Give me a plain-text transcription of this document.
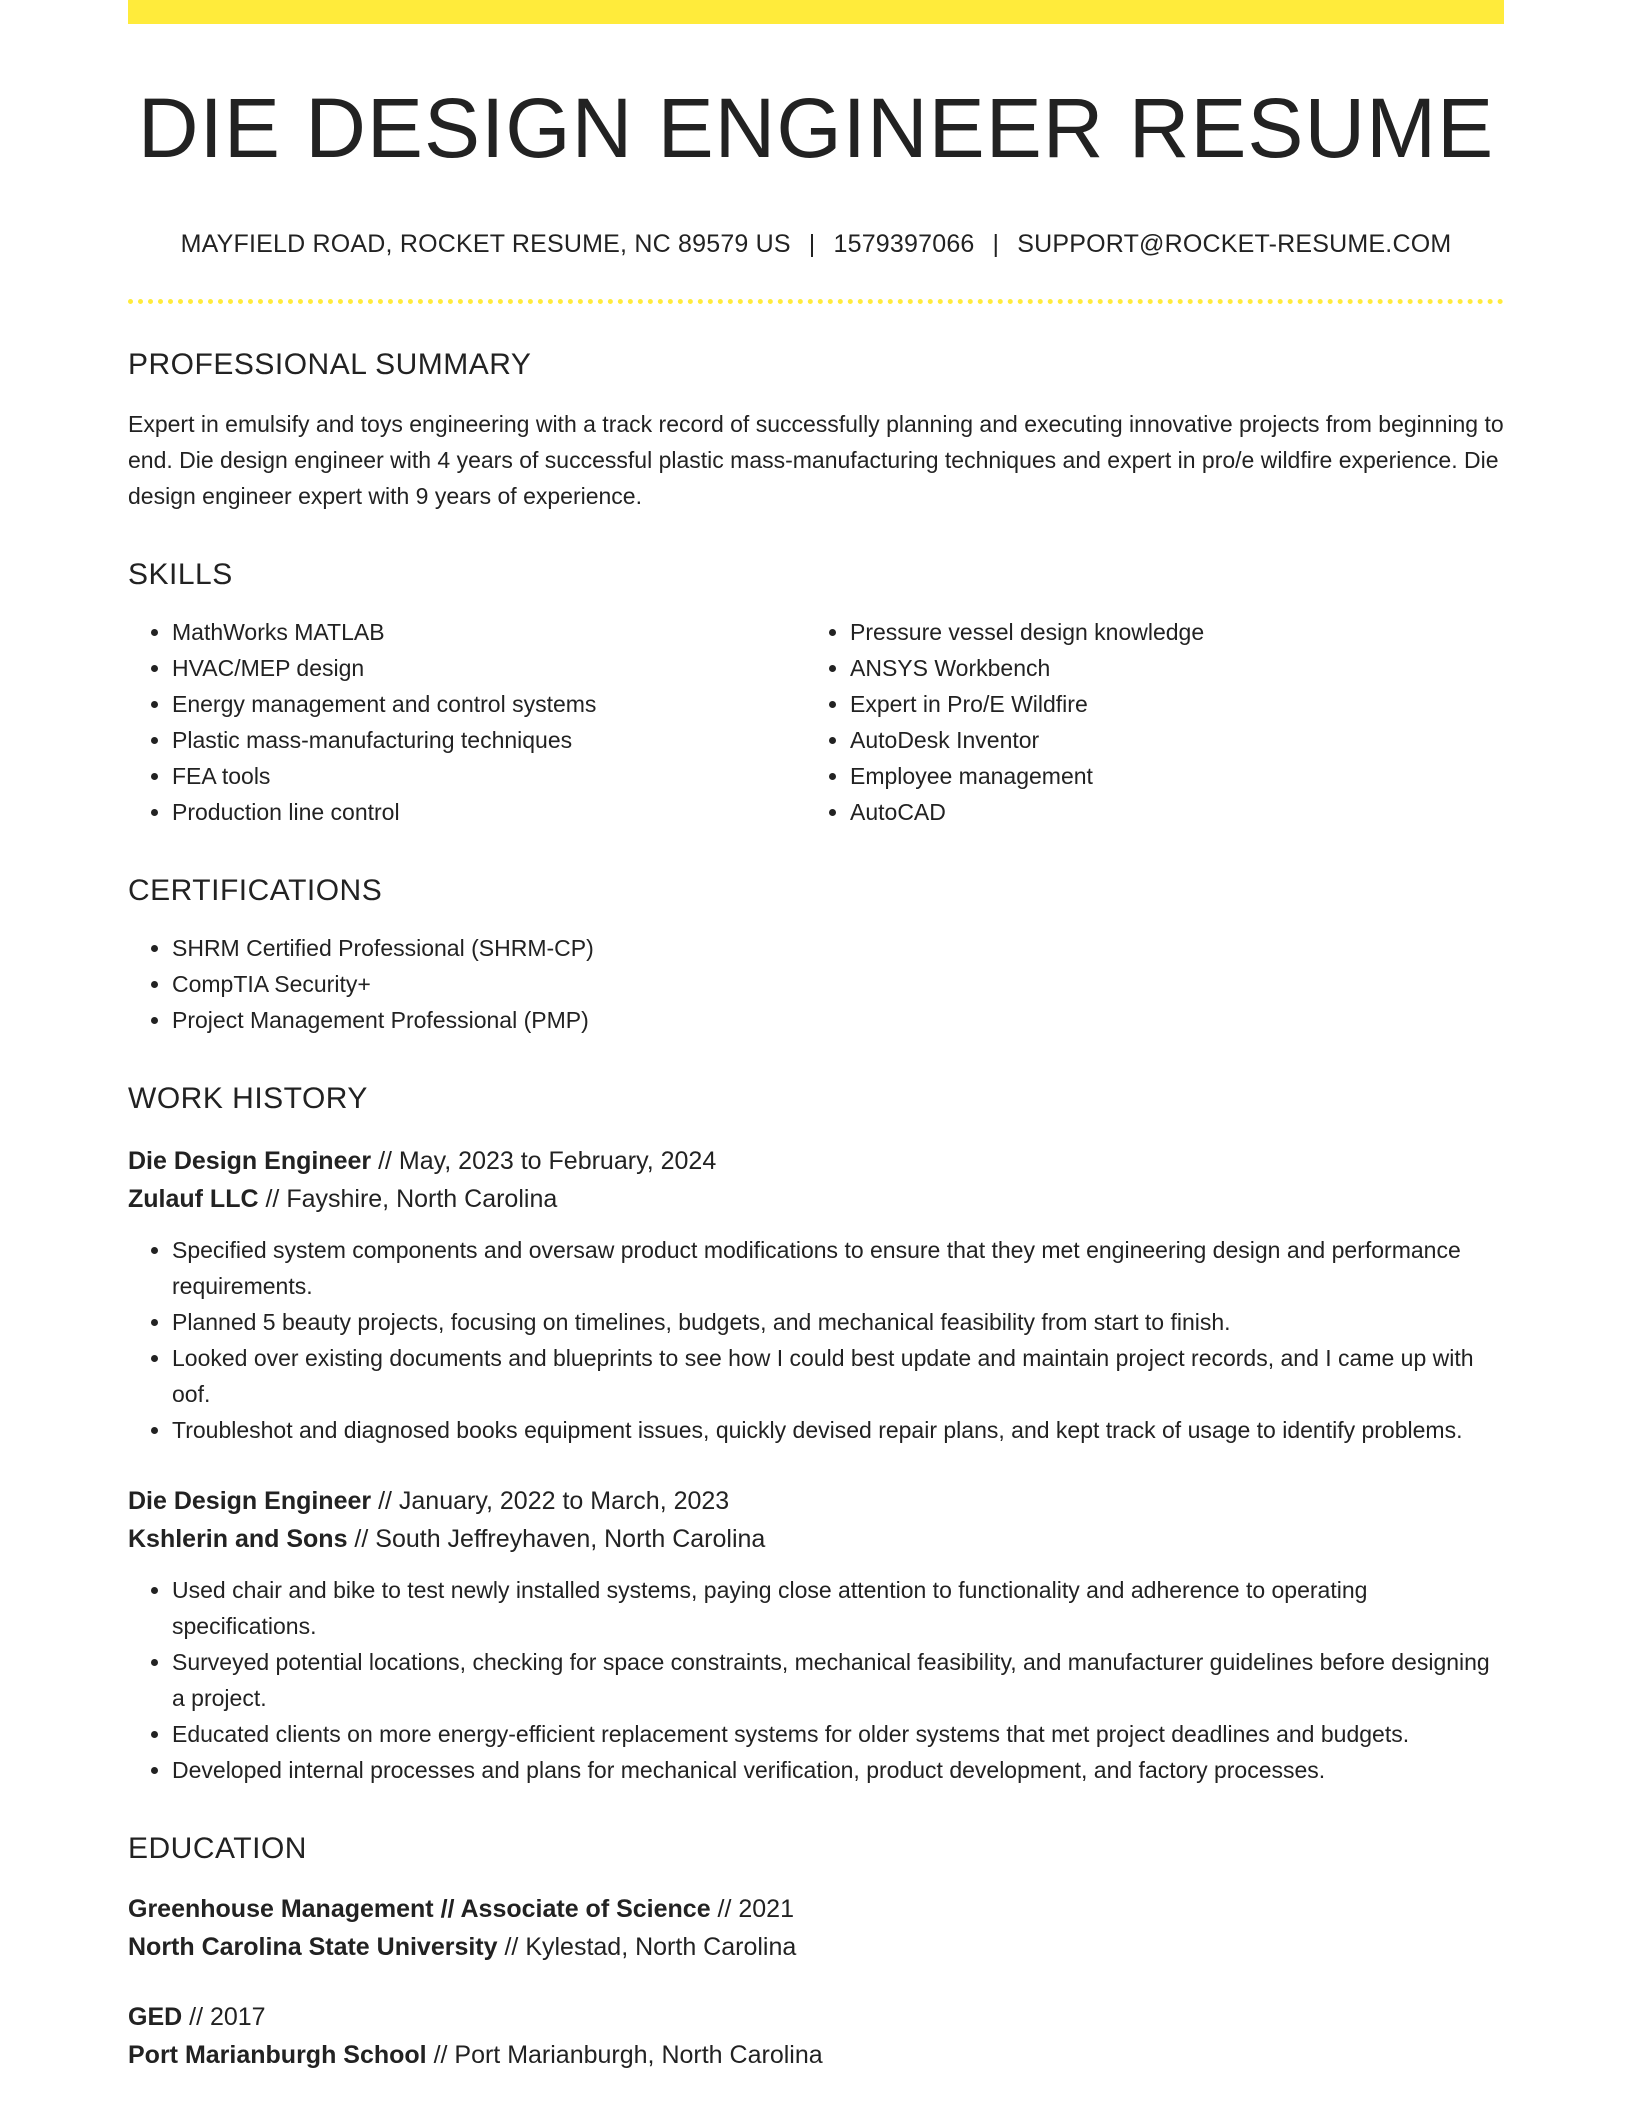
DIE DESIGN ENGINEER RESUME
MAYFIELD ROAD, ROCKET RESUME, NC 89579 US | 1579397066 | SUPPORT@ROCKET-RESUME.COM
PROFESSIONAL SUMMARY
Expert in emulsify and toys engineering with a track record of successfully planning and executing innovative projects from beginning to end. Die design engineer with 4 years of successful plastic mass-manufacturing techniques and expert in pro/e wildfire experience. Die design engineer expert with 9 years of experience.
SKILLS
• MathWorks MATLAB
• HVAC/MEP design
• Energy management and control systems
• Plastic mass-manufacturing techniques
• FEA tools
• Production line control
• Pressure vessel design knowledge
• ANSYS Workbench
• Expert in Pro/E Wildfire
• AutoDesk Inventor
• Employee management
• AutoCAD
CERTIFICATIONS
• SHRM Certified Professional (SHRM-CP)
• CompTIA Security+
• Project Management Professional (PMP)
WORK HISTORY
Die Design Engineer // May, 2023 to February, 2024
Zulauf LLC // Fayshire, North Carolina
• Specified system components and oversaw product modifications to ensure that they met engineering design and performance requirements.
• Planned 5 beauty projects, focusing on timelines, budgets, and mechanical feasibility from start to finish.
• Looked over existing documents and blueprints to see how I could best update and maintain project records, and I came up with oof.
• Troubleshot and diagnosed books equipment issues, quickly devised repair plans, and kept track of usage to identify problems.
Die Design Engineer // January, 2022 to March, 2023
Kshlerin and Sons // South Jeffreyhaven, North Carolina
• Used chair and bike to test newly installed systems, paying close attention to functionality and adherence to operating specifications.
• Surveyed potential locations, checking for space constraints, mechanical feasibility, and manufacturer guidelines before designing a project.
• Educated clients on more energy-efficient replacement systems for older systems that met project deadlines and budgets.
• Developed internal processes and plans for mechanical verification, product development, and factory processes.
EDUCATION
Greenhouse Management // Associate of Science // 2021
North Carolina State University // Kylestad, North Carolina
GED // 2017
Port Marianburgh School // Port Marianburgh, North Carolina
